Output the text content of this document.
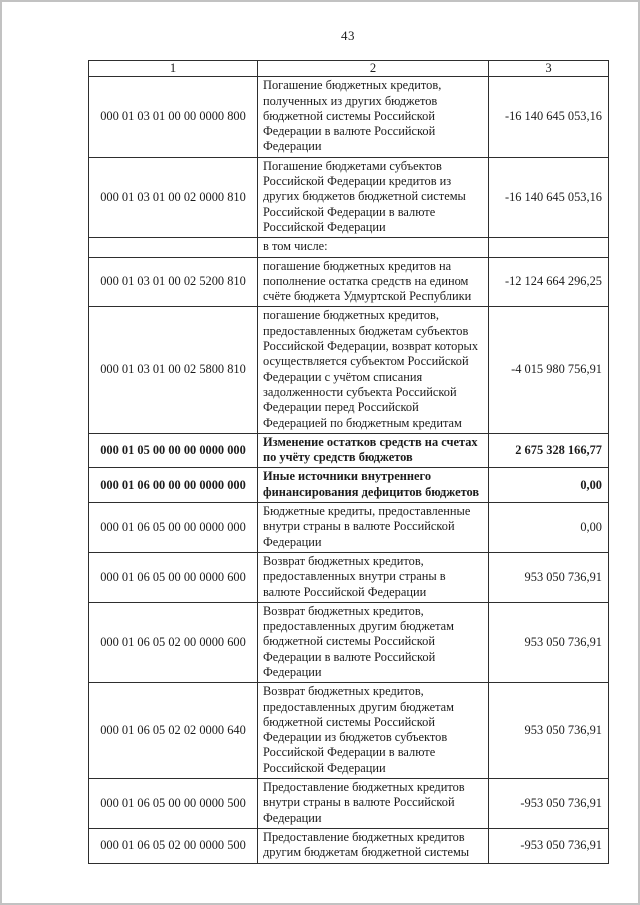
43
1	2	3
000 01 03 01 00 00 0000 800	Погашение бюджетных кредитов, полученных из других бюджетов бюджетной системы Российской Федерации в валюте Российской Федерации	-16 140 645 053,16
000 01 03 01 00 02 0000 810	Погашение бюджетами субъектов Российской Федерации кредитов из других бюджетов бюджетной системы Российской Федерации в валюте Российской Федерации	-16 140 645 053,16
	в том числе:	
000 01 03 01 00 02 5200 810	погашение бюджетных кредитов на пополнение остатка средств на едином счёте бюджета Удмуртской Республики	-12 124 664 296,25
000 01 03 01 00 02 5800 810	погашение бюджетных кредитов, предоставленных бюджетам субъектов Российской Федерации, возврат которых осуществляется субъектом Российской Федерации с учётом списания задолженности субъекта Российской Федерации перед Российской Федерацией по бюджетным кредитам	-4 015 980 756,91
000 01 05 00 00 00 0000 000	Изменение остатков средств на счетах по учёту средств бюджетов	2 675 328 166,77
000 01 06 00 00 00 0000 000	Иные источники внутреннего финансирования дефицитов бюджетов	0,00
000 01 06 05 00 00 0000 000	Бюджетные кредиты, предоставленные внутри страны в валюте Российской Федерации	0,00
000 01 06 05 00 00 0000 600	Возврат бюджетных кредитов, предоставленных внутри страны в валюте Российской Федерации	953 050 736,91
000 01 06 05 02 00 0000 600	Возврат бюджетных кредитов, предоставленных другим бюджетам бюджетной системы Российской Федерации в валюте Российской Федерации	953 050 736,91
000 01 06 05 02 02 0000 640	Возврат бюджетных кредитов, предоставленных другим бюджетам бюджетной системы Российской Федерации из бюджетов субъектов Российской Федерации в валюте Российской Федерации	953 050 736,91
000 01 06 05 00 00 0000 500	Предоставление бюджетных кредитов внутри страны в валюте Российской Федерации	-953 050 736,91
000 01 06 05 02 00 0000 500	Предоставление бюджетных кредитов другим бюджетам бюджетной системы	-953 050 736,91
